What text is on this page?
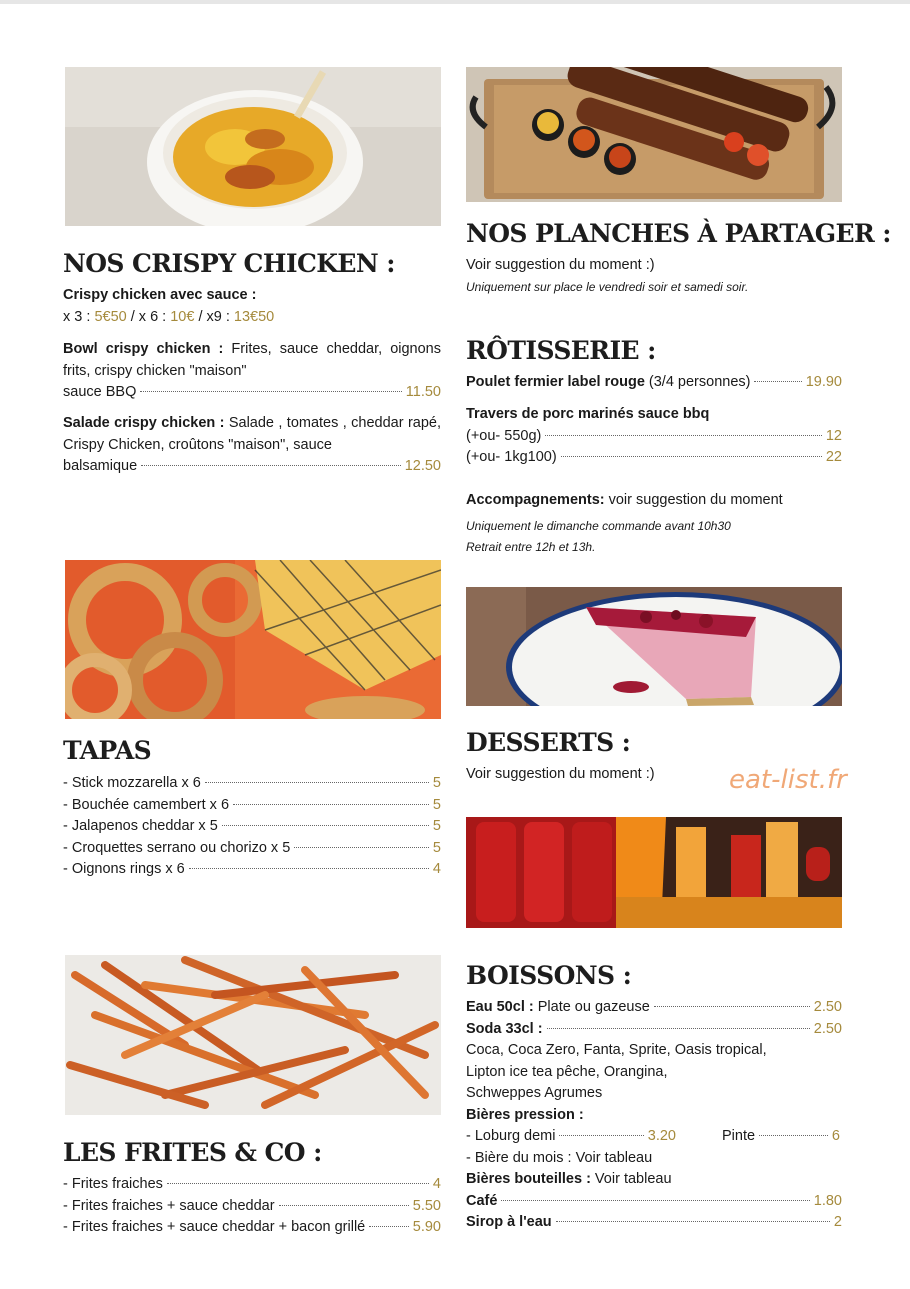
NOS CRISPY CHICKEN :
Crispy chicken avec sauce :
x 3 : 5€50 / x 6 : 10€ / x9 : 13€50
Bowl crispy chicken : Frites, sauce cheddar, oignons frits, crispy chicken "maison"
sauce BBQ	11.50
Salade crispy chicken : Salade , tomates , cheddar rapé, Crispy Chicken, croûtons "maison", sauce
balsamique	12.50
TAPAS
- Stick mozzarella x 6	5
- Bouchée camembert x 6	5
- Jalapenos cheddar x 5	5
- Croquettes serrano ou chorizo x 5	5
- Oignons rings x 6	4
LES FRITES & CO :
- Frites fraiches	4
- Frites fraiches + sauce cheddar	5.50
- Frites fraiches + sauce cheddar + bacon grillé	5.90
NOS PLANCHES À PARTAGER :
Voir suggestion du moment :)
Uniquement sur place le vendredi soir et samedi soir.
RÔTISSERIE :
Poulet fermier label rouge (3/4 personnes)	19.90
Travers de porc marinés sauce bbq
(+ou- 550g)	12
(+ou- 1kg100)	22
Accompagnements: voir suggestion du moment
Uniquement le dimanche commande avant 10h30
Retrait entre 12h et 13h.
DESSERTS :
Voir suggestion du moment :)	eat-list.fr
BOISSONS :
Eau 50cl : Plate ou gazeuse	2.50
Soda 33cl :	2.50
Coca, Coca Zero, Fanta, Sprite, Oasis tropical,
Lipton ice tea pêche, Orangina,
Schweppes Agrumes
Bières pression :
- Loburg demi	3.20	Pinte	6
- Bière du mois : Voir tableau
Bières bouteilles : Voir tableau
Café	1.80
Sirop à l'eau	2
